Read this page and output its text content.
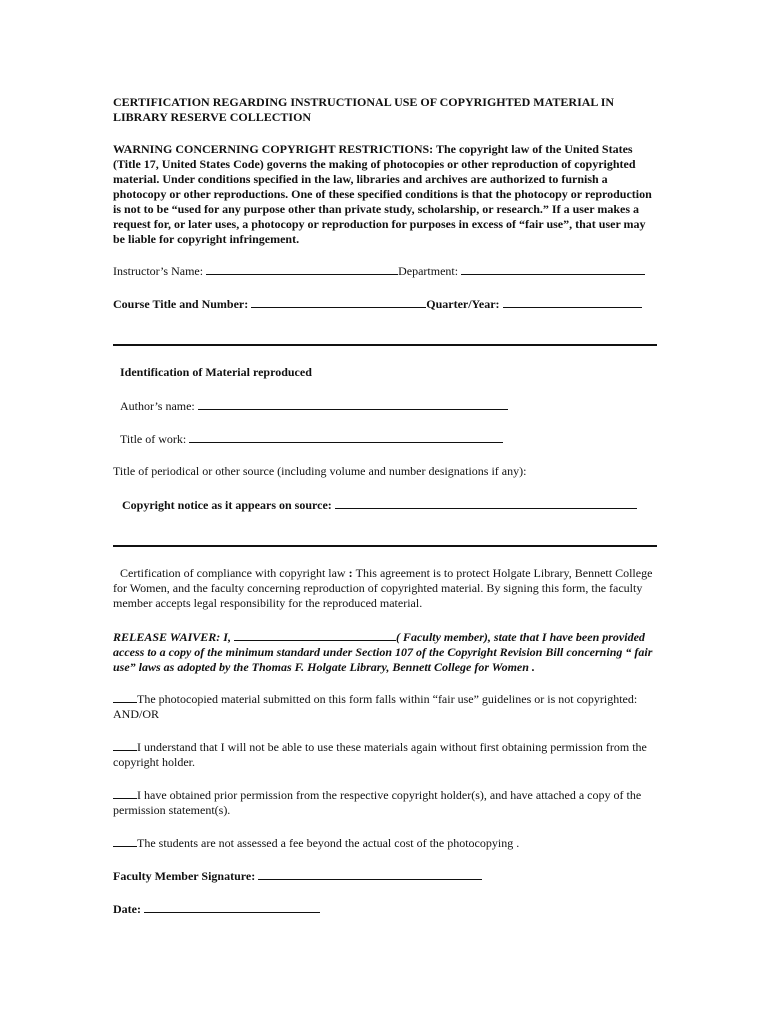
CERTIFICATION REGARDING INSTRUCTIONAL USE OF COPYRIGHTED MATERIAL IN LIBRARY RESERVE COLLECTION

WARNING CONCERNING COPYRIGHT RESTRICTIONS: The copyright law of the United States (Title 17, United States Code) governs the making of photocopies or other reproduction of copyrighted material. Under conditions specified in the law, libraries and archives are authorized to furnish a photocopy or other reproductions. One of these specified conditions is that the photocopy or reproduction is not to be “used for any purpose other than private study, scholarship, or research.” If a user makes a request for, or later uses, a photocopy or reproduction for purposes in excess of “fair use”, that user may be liable for copyright infringement.

Instructor’s Name:	Department:
Course Title and Number:	Quarter/Year:

Identification of Material reproduced

Author’s name:
Title of work:

Title of periodical or other source (including volume and number designations if any):

Copyright notice as it appears on source:

Certification of compliance with copyright law : This agreement is to protect Holgate Library, Bennett College for Women, and the faculty concerning reproduction of copyrighted material. By signing this form, the faculty member accepts legal responsibility for the reproduced material.

RELEASE WAIVER: I,	( Faculty member), state that I have been provided access to a copy of the minimum standard under Section 107 of the Copyright Revision Bill concerning “ fair use” laws as adopted by the Thomas F. Holgate Library, Bennett College for Women .

The photocopied material submitted on this form falls within “fair use” guidelines or is not copyrighted: AND/OR

I understand that I will not be able to use these materials again without first obtaining permission from the copyright holder.

I have obtained prior permission from the respective copyright holder(s), and have attached a copy of the permission statement(s).

The students are not assessed a fee beyond the actual cost of the photocopying .

Faculty Member Signature:
Date:
